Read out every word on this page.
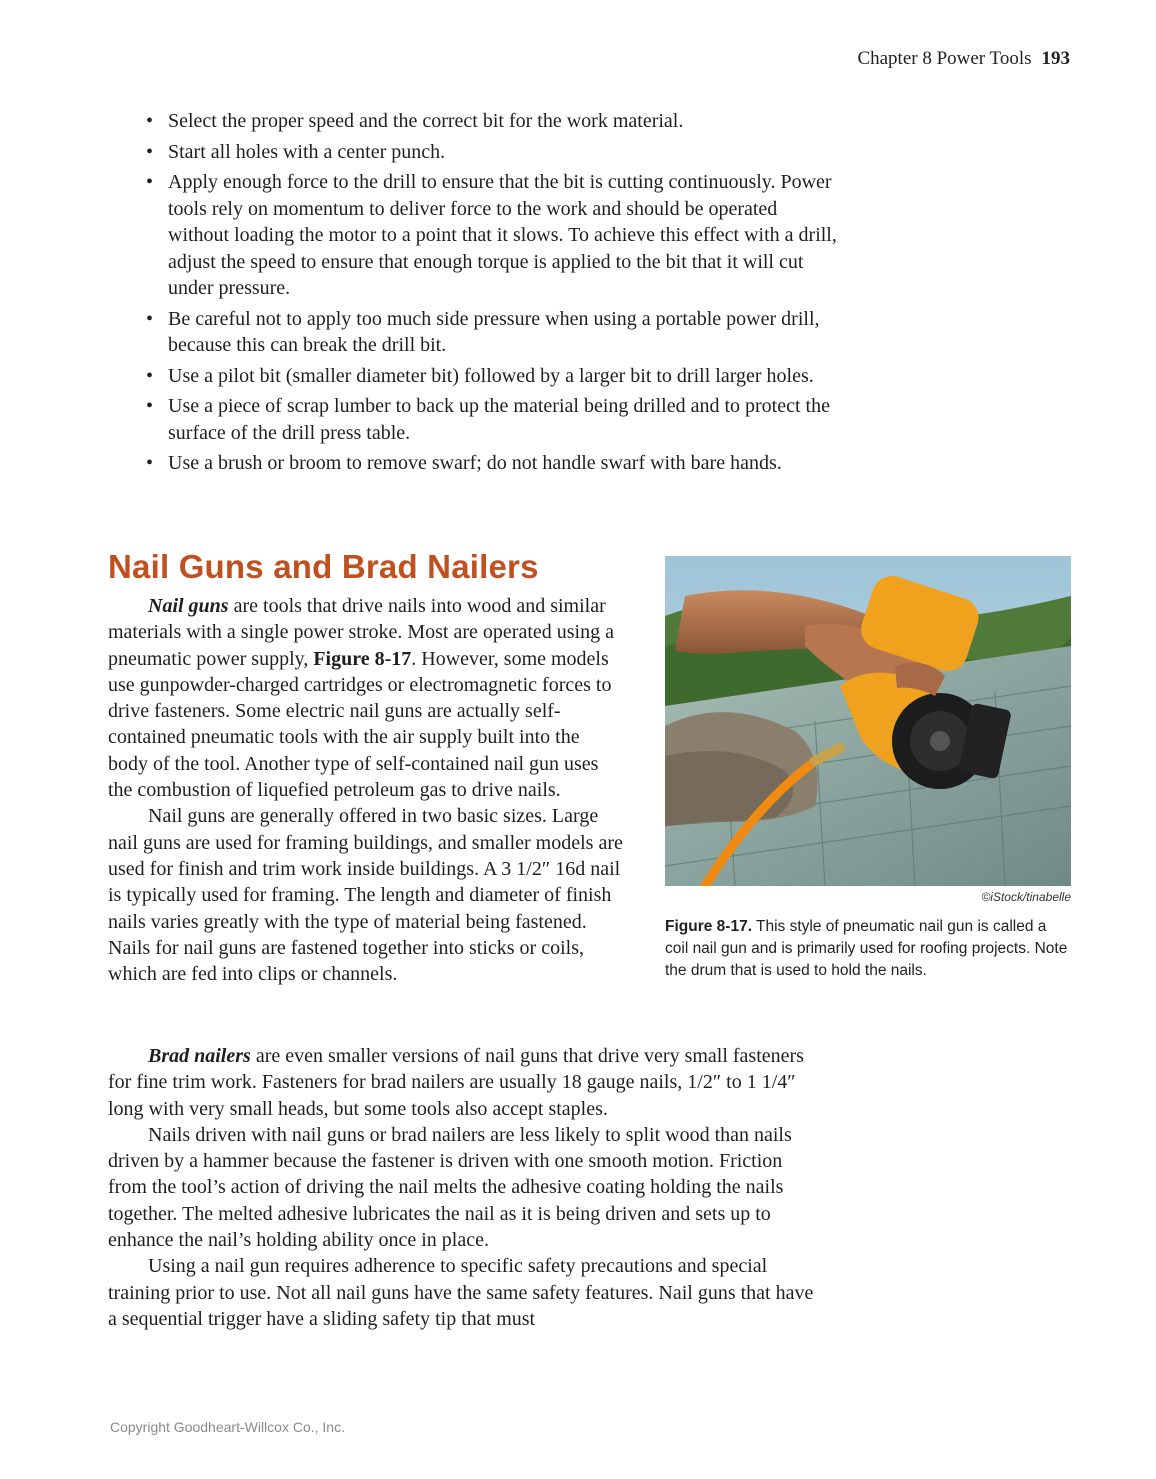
Chapter 8 Power Tools 193
• Select the proper speed and the correct bit for the work material.
• Start all holes with a center punch.
• Apply enough force to the drill to ensure that the bit is cutting continuously. Power tools rely on momentum to deliver force to the work and should be operated without loading the motor to a point that it slows. To achieve this effect with a drill, adjust the speed to ensure that enough torque is applied to the bit that it will cut under pressure.
• Be careful not to apply too much side pressure when using a portable power drill, because this can break the drill bit.
• Use a pilot bit (smaller diameter bit) followed by a larger bit to drill larger holes.
• Use a piece of scrap lumber to back up the material being drilled and to protect the surface of the drill press table.
• Use a brush or broom to remove swarf; do not handle swarf with bare hands.
Nail Guns and Brad Nailers

Nail guns are tools that drive nails into wood and similar materials with a single power stroke. Most are operated using a pneumatic power supply, Figure 8-17. However, some models use gunpowder-charged cartridges or electromagnetic forces to drive fasteners. Some electric nail guns are actually self-contained pneumatic tools with the air supply built into the body of the tool. Another type of self-contained nail gun uses the combustion of liquefied petroleum gas to drive nails.

Nail guns are generally offered in two basic sizes. Large nail guns are used for framing buildings, and smaller models are used for finish and trim work inside buildings. A 3 1/2″ 16d nail is typically used for framing. The length and diameter of finish nails varies greatly with the type of material being fastened. Nails for nail guns are fastened together into sticks or coils, which are fed into clips or channels.

Brad nailers are even smaller versions of nail guns that drive very small fasteners for fine trim work. Fasteners for brad nailers are usually 18 gauge nails, 1/2″ to 1 1/4″ long with very small heads, but some tools also accept staples.

Nails driven with nail guns or brad nailers are less likely to split wood than nails driven by a hammer because the fastener is driven with one smooth motion. Friction from the tool’s action of driving the nail melts the adhesive coating holding the nails together. The melted adhesive lubricates the nail as it is being driven and sets up to enhance the nail’s holding ability once in place.

Using a nail gun requires adherence to specific safety precautions and special training prior to use. Not all nail guns have the same safety features. Nail guns that have a sequential trigger have a sliding safety tip that must

©iStock/tinabelle
Figure 8-17. This style of pneumatic nail gun is called a coil nail gun and is primarily used for roofing projects. Note the drum that is used to hold the nails.
Copyright Goodheart-Willcox Co., Inc.
